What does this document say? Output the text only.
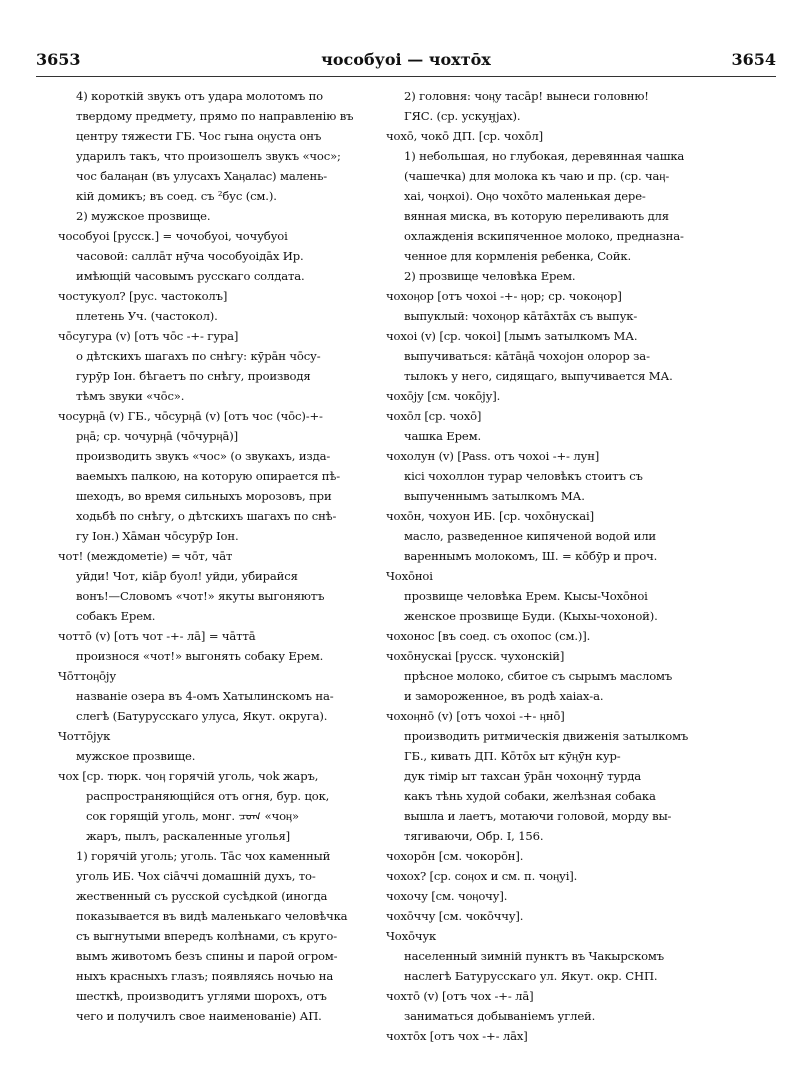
3653	чособуоі — чохтōх	3654
4) короткій звукъ отъ удара молотомъ по
твердому предмету, прямо по направленію въ
центру тяжести ГБ. Чос гына оӊуста онъ
ударилъ такъ, что произошелъ звукъ «чос»;
чос балаӊан (въ улусахъ Хаӊалас) малень-
кій домикъ; въ соед. съ ²бус (см.).
2) мужское прозвище.
чособуоі [русск.] = чочобуоі, чочубуоі
часовой: саллāт нӯча чособуоідāх Ир.
имѣющій часовымъ русскаго солдата.
чостукуол? [рус. частоколъ]
плетень Уч. (частокол).
чōсугура (v) [отъ чōс -+- гура]
о дѣтскихъ шагахъ по снѣгу: кӯрāн чōсу-
гурӯр Іон. бѣгаетъ по снѣгу, производя
тѣмъ звуки «чōс».
чосурӊā (v) ГБ., чōсурӊā (v) [отъ чос (чōс)-+-
рӊā; ср. чочурӊā (чōчурӊā)]
производить звукъ «чос» (о звукахъ, изда-
ваемыхъ палкою, на которую опирается пѣ-
шеходъ, во время сильныхъ морозовъ, при
ходьбѣ по снѣгу, о дѣтскихъ шагахъ по снѣ-
гу Іон.) Хāман чōсурӯр Іон.
чот! (междометіе) = чōт, чāт
уйди! Чот, кіāр буол! уйди, убирайся
вонъ!—Словомъ «чот!» якуты выгоняютъ
собакъ Ерем.
чоттō (v) [отъ чот -+- лā] = чāттā
произнося «чот!» выгонять собаку Ерем.
Чōттоӊōју
названіе озера въ 4-омъ Хатылинскомъ на-
слегѣ (Батурусскаго улуса, Якут. округа).
Чоттōјук
мужское прозвище.
чох [ср. тюрк. чоӊ горячій уголь, чоk жаръ,
распространяющійся отъ огня, бур. цок,
сок горящій уголь, монг. ᠴᠣᠭ «чоӊ»
жаръ, пылъ, раскаленные уголья]
1) горячій уголь; уголь. Тāс чох каменный
уголь ИБ. Чох сіāччі домашній духъ, то-
жественный съ русской сусѣдкой (иногда
показывается въ видѣ маленькаго человѣчка
съ выгнутыми впередъ колѣнами, съ круго-
вымъ животомъ безъ спины и парой огром-
ныхъ красныхъ глазъ; появляясь ночью на
шесткѣ, производитъ углями шорохъ, отъ
чего и получилъ свое наименованіе) АП.
2) головня: чоӊу тасāр! вынеси головню!
ГЯС. (ср. ускуӈјах).
чохō, чокō ДП. [ср. чохōл]
1) небольшая, но глубокая, деревянная чашка
(чашечка) для молока къ чаю и пр. (ср. чаӊ-
хаі, чоӊхоі). Оӊо чохōто маленькая дере-
вянная миска, въ которую переливають для
охлажденія вскипяченное молоко, предназна-
ченное для кормленія ребенка, Сойк.
2) прозвище человѣка Ерем.
чохоӊор [отъ чохоі -+- ӊор; ср. чокоӊор]
выпуклый: чохоӊор кāтāхтāх съ выпук-
чохоі (v) [ср. чокоі] [лымъ затылкомъ МА.
выпучиваться: кāтāӊā чохојон олорор за-
тылокъ у него, сидящаго, выпучивается МА.
чохōју [см. чокōју].
чохōл [ср. чохō]
чашка Ерем.
чохолун (v) [Pass. отъ чохоі -+- лун]
кісі чохоллон турар человѣкъ стоитъ съ
выпученнымъ затылкомъ МА.
чохōн, чохуон ИБ. [ср. чохōнускаі]
масло, разведенное кипяченой водой или
вареннымъ молокомъ, Ш. = кōбӯр и проч.
Чохōноі
прозвище человѣка Ерем. Кысы-Чохōноі
женское прозвище Буди. (Кыхы-чохоной).
чохонос [въ соед. съ охопос (см.)].
чохōнускаі [русск. чухонскій]
прѣсное молоко, сбитое съ сырымъ масломъ
и замороженное, въ родѣ хаіах-а.
чохоӊнō (v) [отъ чохоі -+- ӊнō]
производить ритмическія движенія затылкомъ
ГБ., кивать ДП. Кōтōх ыт кӯӊӯн кур-
дук тімір ыт тахсан ӯрāн чохоӊнӯ турда
какъ тѣнь худой собаки, желѣзная собака
вышла и лаетъ, мотаючи головой, морду вы-
тягиваючи, Обр. I, 156.
чохорōн [см. чокорōн].
чохох? [ср. соӊох и см. п. чоӊуі].
чохочу [см. чоӊочу].
чохōччу [см. чокōччу].
Чохōчук
населенный зимній пунктъ въ Чакырскомъ
наслегѣ Батурусскаго ул. Якут. окр. СНП.
чохтō (v) [отъ чох -+- лā]
заниматься добываніемъ углей.
чохтōх [отъ чох -+- лāх]
